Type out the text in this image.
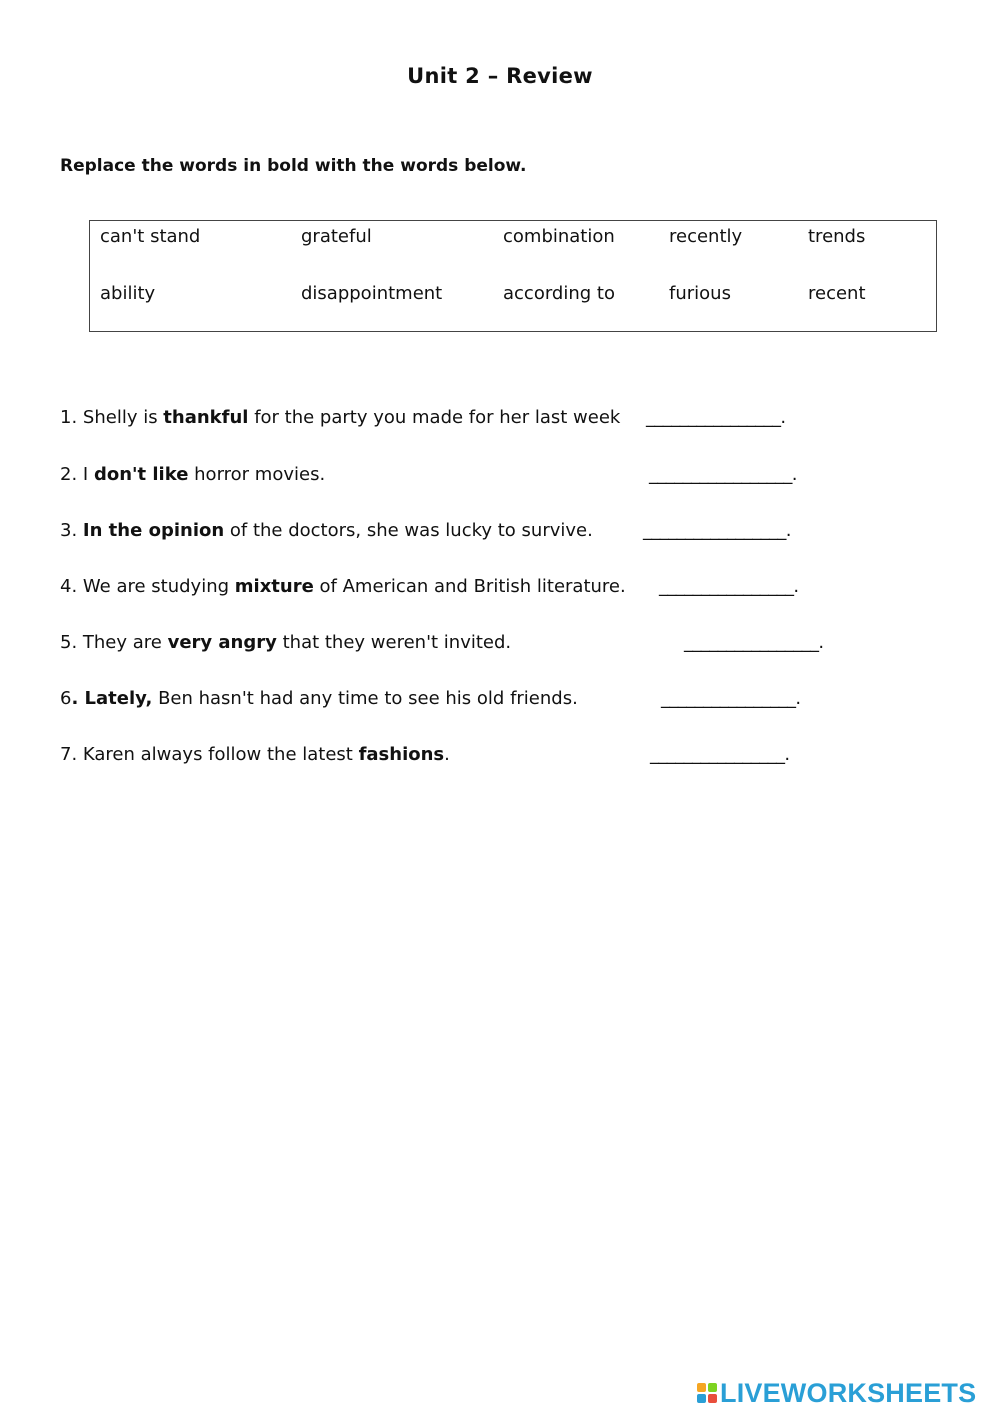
Unit 2 – Review
Replace the words in bold with the words below.
can't stand	grateful	combination	recently	trends
ability	disappointment	according to	furious	recent
1. Shelly is thankful for the party you made for her last week ________________.
2. I don't like horror movies.	_________________.
3. In the opinion of the doctors, she was lucky to survive.	_________________.
4. We are studying mixture of American and British literature. ________________.
5. They are very angry that they weren't invited.	________________.
6. Lately, Ben hasn't had any time to see his old friends.	________________.
7. Karen always follow the latest fashions.	________________.
LIVEWORKSHEETS
